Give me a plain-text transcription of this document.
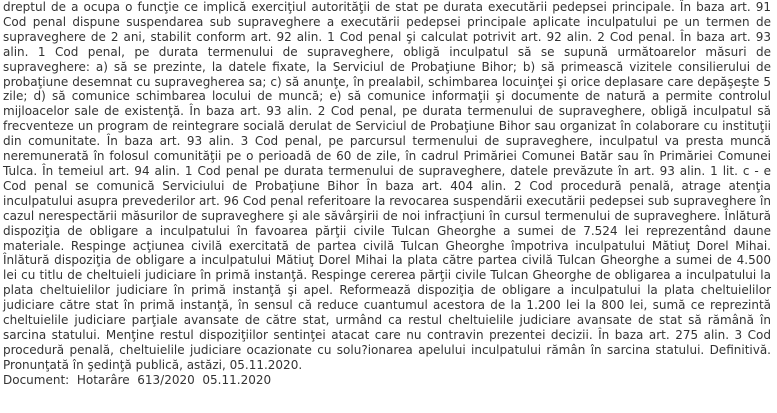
dreptul de a ocupa o funcţie ce implică exerciţiul autorităţii de stat pe durata executării pedepsei principale. În baza art. 91 Cod penal dispune suspendarea sub supraveghere a executării pedepsei principale aplicate inculpatului pe un termen de supraveghere de 2 ani, stabilit conform art. 92 alin. 1 Cod penal şi calculat potrivit art. 92 alin. 2 Cod penal. În baza art. 93 alin. 1 Cod penal, pe durata termenului de supraveghere, obligă inculpatul să se supună următoarelor măsuri de supraveghere: a) să se prezinte, la datele fixate, la Serviciul de Probaţiune Bihor; b) să primească vizitele consilierului de probaţiune desemnat cu supravegherea sa; c) să anunţe, în prealabil, schimbarea locuinţei şi orice deplasare care depăşeşte 5 zile; d) să comunice schimbarea locului de muncă; e) să comunice informaţii şi documente de natură a permite controlul mijloacelor sale de existenţă. În baza art. 93 alin. 2 Cod penal, pe durata termenului de supraveghere, obligă inculpatul să frecventeze un program de reintegrare socială derulat de Serviciul de Probaţiune Bihor sau organizat în colaborare cu instituţii din comunitate. În baza art. 93 alin. 3 Cod penal, pe parcursul termenului de supraveghere, inculpatul va presta muncă neremunerată în folosul comunităţii pe o perioadă de 60 de zile, în cadrul Primăriei Comunei Batăr sau în Primăriei Comunei Tulca. În temeiul art. 94 alin. 1 Cod penal pe durata termenului de supraveghere, datele prevăzute în art. 93 alin. 1 lit. c - e Cod penal se comunică Serviciului de Probaţiune Bihor În baza art. 404 alin. 2 Cod procedură penală, atrage atenţia inculpatului asupra prevederilor art. 96 Cod penal referitoare la revocarea suspendării executării pedepsei sub supraveghere în cazul nerespectării măsurilor de supraveghere şi ale săvârşirii de noi infracţiuni în cursul termenului de supraveghere. Înlătură dispoziţia de obligare a inculpatului în favoarea părţii civile Tulcan Gheorghe a sumei de 7.524 lei reprezentând daune materiale. Respinge acţiunea civilă exercitată de partea civilă Tulcan Gheorghe împotriva inculpatului Mătiuţ Dorel Mihai. Înlătură dispoziţia de obligare a inculpatului Mătiuţ Dorel Mihai la plata către partea civilă Tulcan Gheorghe a sumei de 4.500 lei cu titlu de cheltuieli judiciare în primă instanţă. Respinge cererea părţii civile Tulcan Gheorghe de obligarea a inculpatului la plata cheltuielilor judiciare în primă instanţă şi apel. Reformează dispoziţia de obligare a inculpatului la plata cheltuielilor judiciare către stat în primă instanţă, în sensul că reduce cuantumul acestora de la 1.200 lei la 800 lei, sumă ce reprezintă cheltuielile judiciare parţiale avansate de către stat, urmând ca restul cheltuielile judiciare avansate de stat să rămână în sarcina statului. Menţine restul dispoziţiilor sentinţei atacat care nu contravin prezentei decizii. În baza art. 275 alin. 3 Cod procedură penală, cheltuielile judiciare ocazionate cu solu?ionarea apelului inculpatului rămân în sarcina statului. Definitivă. Pronunţată în şedinţă publică, astăzi, 05.11.2020.

Document: Hotarâre 613/2020 05.11.2020
